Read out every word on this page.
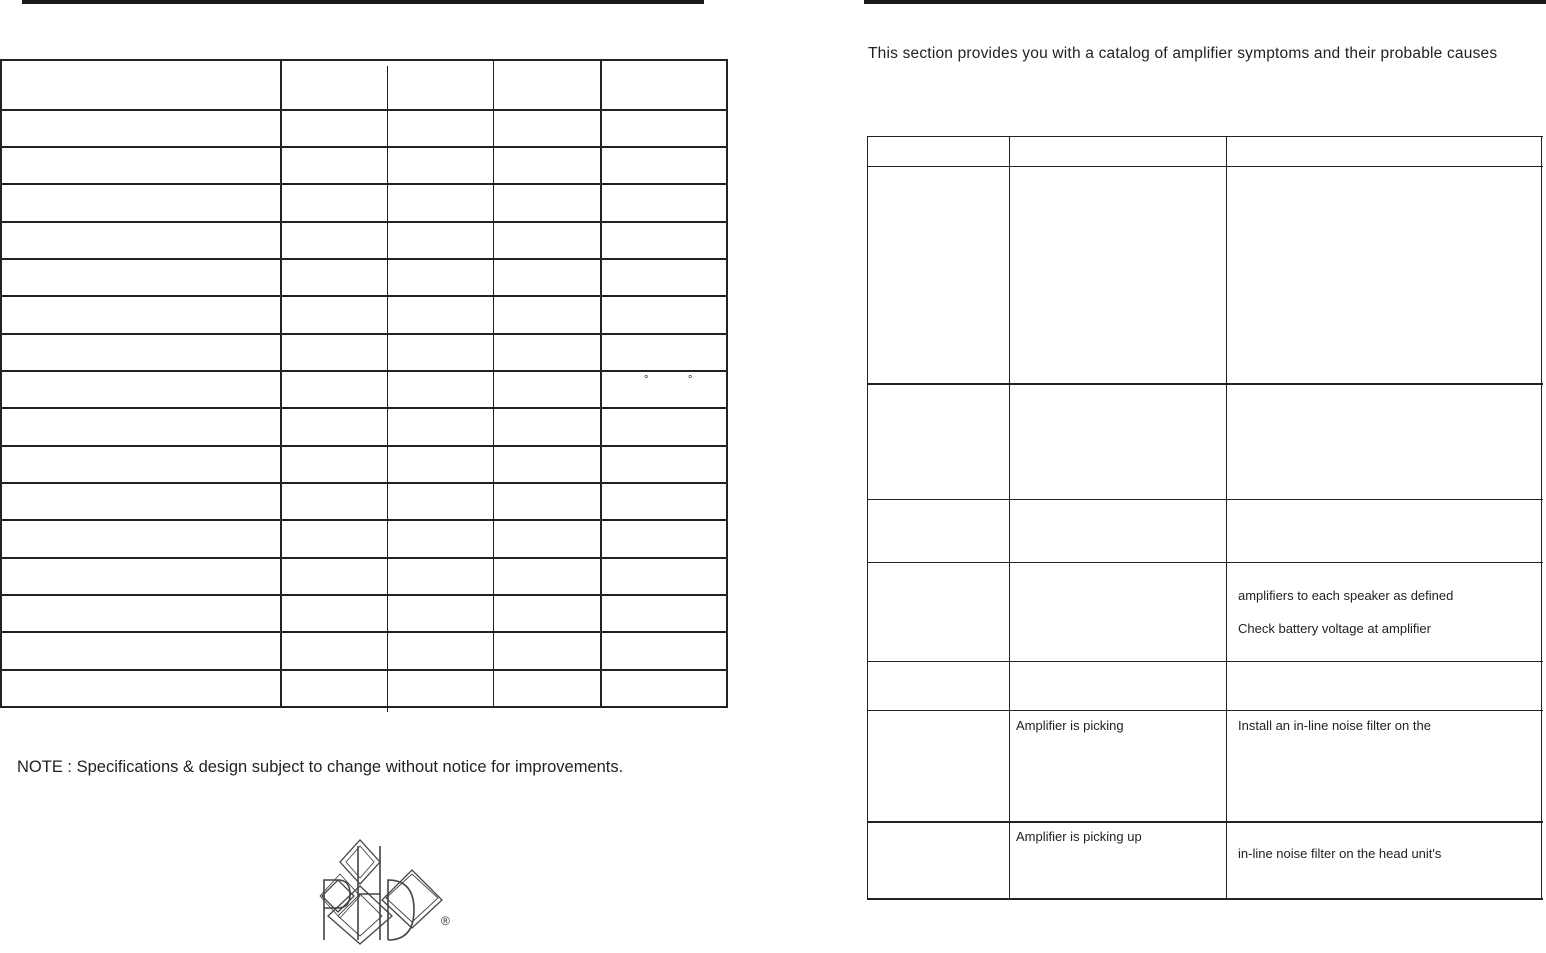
°	°
NOTE : Specifications & design subject to change without notice for improvements.
®
This section provides you with a catalog of amplifier symptoms and their probable causes
amplifiers to each speaker as defined
Check battery voltage at amplifier
Amplifier is picking	Install an in-line noise filter on the
Amplifier is picking up
in-line noise filter on the head unit's
